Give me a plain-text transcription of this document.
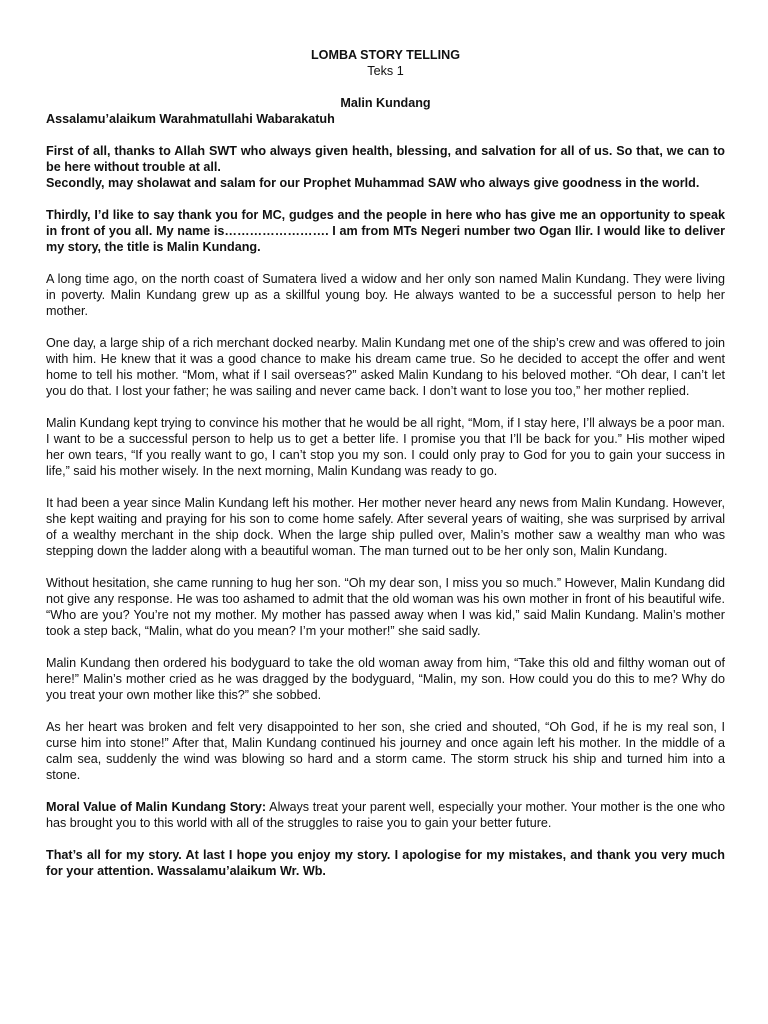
LOMBA STORY TELLING
Teks 1
Malin Kundang

Assalamu’alaikum Warahmatullahi Wabarakatuh

First of all, thanks to Allah SWT who always given health, blessing, and salvation for all of us. So that, we can to be here without trouble at all.

Secondly, may sholawat and salam for our Prophet Muhammad SAW who always give goodness in the world.

Thirdly, I’d like to say thank you for MC, gudges and the people in here who has give me an opportunity to speak in front of you all. My name is……………………. I am from MTs Negeri number two Ogan Ilir. I would like to deliver my story, the title is Malin Kundang.

A long time ago, on the north coast of Sumatera lived a widow and her only son named Malin Kundang. They were living in poverty. Malin Kundang grew up as a skillful young boy. He always wanted to be a successful person to help her mother.

One day, a large ship of a rich merchant docked nearby. Malin Kundang met one of the ship’s crew and was offered to join with him. He knew that it was a good chance to make his dream came true. So he decided to accept the offer and went home to tell his mother. “Mom, what if I sail overseas?” asked Malin Kundang to his beloved mother. “Oh dear, I can’t let you do that. I lost your father; he was sailing and never came back. I don’t want to lose you too,” her mother replied.

Malin Kundang kept trying to convince his mother that he would be all right, “Mom, if I stay here, I’ll always be a poor man. I want to be a successful person to help us to get a better life. I promise you that I’ll be back for you.” His mother wiped her own tears, “If you really want to go, I can’t stop you my son. I could only pray to God for you to gain your success in life,” said his mother wisely. In the next morning, Malin Kundang was ready to go.

It had been a year since Malin Kundang left his mother. Her mother never heard any news from Malin Kundang. However, she kept waiting and praying for his son to come home safely. After several years of waiting, she was surprised by arrival of a wealthy merchant in the ship dock. When the large ship pulled over, Malin’s mother saw a wealthy man who was stepping down the ladder along with a beautiful woman. The man turned out to be her only son, Malin Kundang.

Without hesitation, she came running to hug her son. “Oh my dear son, I miss you so much.” However, Malin Kundang did not give any response. He was too ashamed to admit that the old woman was his own mother in front of his beautiful wife. “Who are you? You’re not my mother. My mother has passed away when I was kid,” said Malin Kundang. Malin’s mother took a step back, “Malin, what do you mean? I’m your mother!” she said sadly.

Malin Kundang then ordered his bodyguard to take the old woman away from him, “Take this old and filthy woman out of here!” Malin’s mother cried as he was dragged by the bodyguard, “Malin, my son. How could you do this to me? Why do you treat your own mother like this?” she sobbed.

As her heart was broken and felt very disappointed to her son, she cried and shouted, “Oh God, if he is my real son, I curse him into stone!” After that, Malin Kundang continued his journey and once again left his mother. In the middle of a calm sea, suddenly the wind was blowing so hard and a storm came. The storm struck his ship and turned him into a stone.

Moral Value of Malin Kundang Story: Always treat your parent well, especially your mother. Your mother is the one who has brought you to this world with all of the struggles to raise you to gain your better future.

That’s all for my story. At last I hope you enjoy my story. I apologise for my mistakes, and thank you very much for your attention. Wassalamu’alaikum Wr. Wb.
